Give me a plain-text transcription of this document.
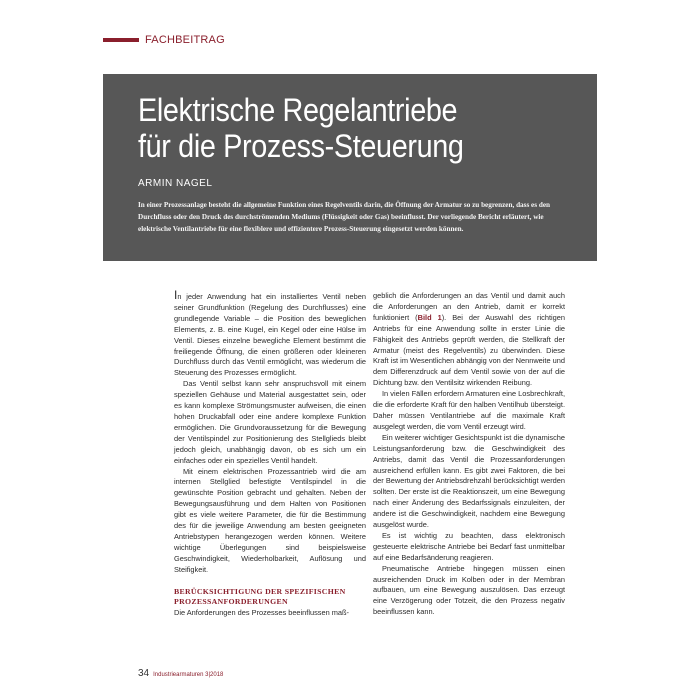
FACHBEITRAG
Elektrische Regelantriebe
für die Prozess-Steuerung
ARMIN NAGEL

In einer Prozessanlage besteht die allgemeine Funktion eines Regelventils darin, die Öffnung der Armatur so zu begrenzen, dass es den Durchfluss oder den Druck des durchströmenden Mediums (Flüssigkeit oder Gas) beeinflusst. Der vorliegende Bericht erläutert, wie elektrische Ventilantriebe für eine flexiblere und effizientere Prozess-Steuerung eingesetzt werden können.

In jeder Anwendung hat ein installiertes Ventil neben seiner Grundfunktion (Regelung des Durchflusses) eine grundlegende Variable – die Position des beweglichen Elements, z. B. eine Kugel, ein Kegel oder eine Hülse im Ventil. Dieses einzelne bewegliche Element bestimmt die freiliegende Öffnung, die einen größeren oder kleineren Durchfluss durch das Ventil ermöglicht, was wiederum die Steuerung des Prozesses ermöglicht.

Das Ventil selbst kann sehr anspruchsvoll mit einem speziellen Gehäuse und Material ausgestattet sein, oder es kann komplexe Strömungsmuster aufweisen, die einen hohen Druckabfall oder eine andere komplexe Funktion ermöglichen. Die Grundvoraussetzung für die Bewegung der Ventilspindel zur Positionierung des Stellglieds bleibt jedoch gleich, unabhängig davon, ob es sich um ein einfaches oder ein spezielles Ventil handelt.

Mit einem elektrischen Prozessantrieb wird die am internen Stellglied befestigte Ventilspindel in die gewünschte Position gebracht und gehalten. Neben der Bewegungsausführung und dem Halten von Positionen gibt es viele weitere Parameter, die für die Bestimmung des für die jeweilige Anwendung am besten geeigneten Antriebstypen herangezogen werden können. Weitere wichtige Überlegungen sind beispielsweise Geschwindigkeit, Wiederholbarkeit, Auflösung und Steifigkeit.

BERÜCKSICHTIGUNG DER SPEZIFISCHEN
PROZESSANFORDERUNGEN

Die Anforderungen des Prozesses beeinflussen maß-

geblich die Anforderungen an das Ventil und damit auch die Anforderungen an den Antrieb, damit er korrekt funktioniert (Bild 1). Bei der Auswahl des richtigen Antriebs für eine Anwendung sollte in erster Linie die Fähigkeit des Antriebs geprüft werden, die Stellkraft der Armatur (meist des Regelventils) zu überwinden. Diese Kraft ist im Wesentlichen abhängig von der Nennweite und dem Differenzdruck auf dem Ventil sowie von der auf die Dichtung bzw. den Ventilsitz wirkenden Reibung.

In vielen Fällen erfordern Armaturen eine Losbrechkraft, die die erforderte Kraft für den halben Ventilhub übersteigt. Daher müssen Ventilantriebe auf die maximale Kraft ausgelegt werden, die vom Ventil erzeugt wird.

Ein weiterer wichtiger Gesichtspunkt ist die dynamische Leistungsanforderung bzw. die Geschwindigkeit des Antriebs, damit das Ventil die Prozessanforderungen ausreichend erfüllen kann. Es gibt zwei Faktoren, die bei der Bewertung der Antriebsdrehzahl berücksichtigt werden sollten. Der erste ist die Reaktionszeit, um eine Bewegung nach einer Änderung des Bedarfssignals einzuleiten, der andere ist die Geschwindigkeit, nachdem eine Bewegung ausgelöst wurde.

Es ist wichtig zu beachten, dass elektronisch gesteuerte elektrische Antriebe bei Bedarf fast unmittelbar auf eine Bedarfsänderung reagieren.

Pneumatische Antriebe hingegen müssen einen ausreichenden Druck im Kolben oder in der Membran aufbauen, um eine Bewegung auszulösen. Das erzeugt eine Verzögerung oder Totzeit, die den Prozess negativ beeinflussen kann.

34 Industriearmaturen 3|2018
